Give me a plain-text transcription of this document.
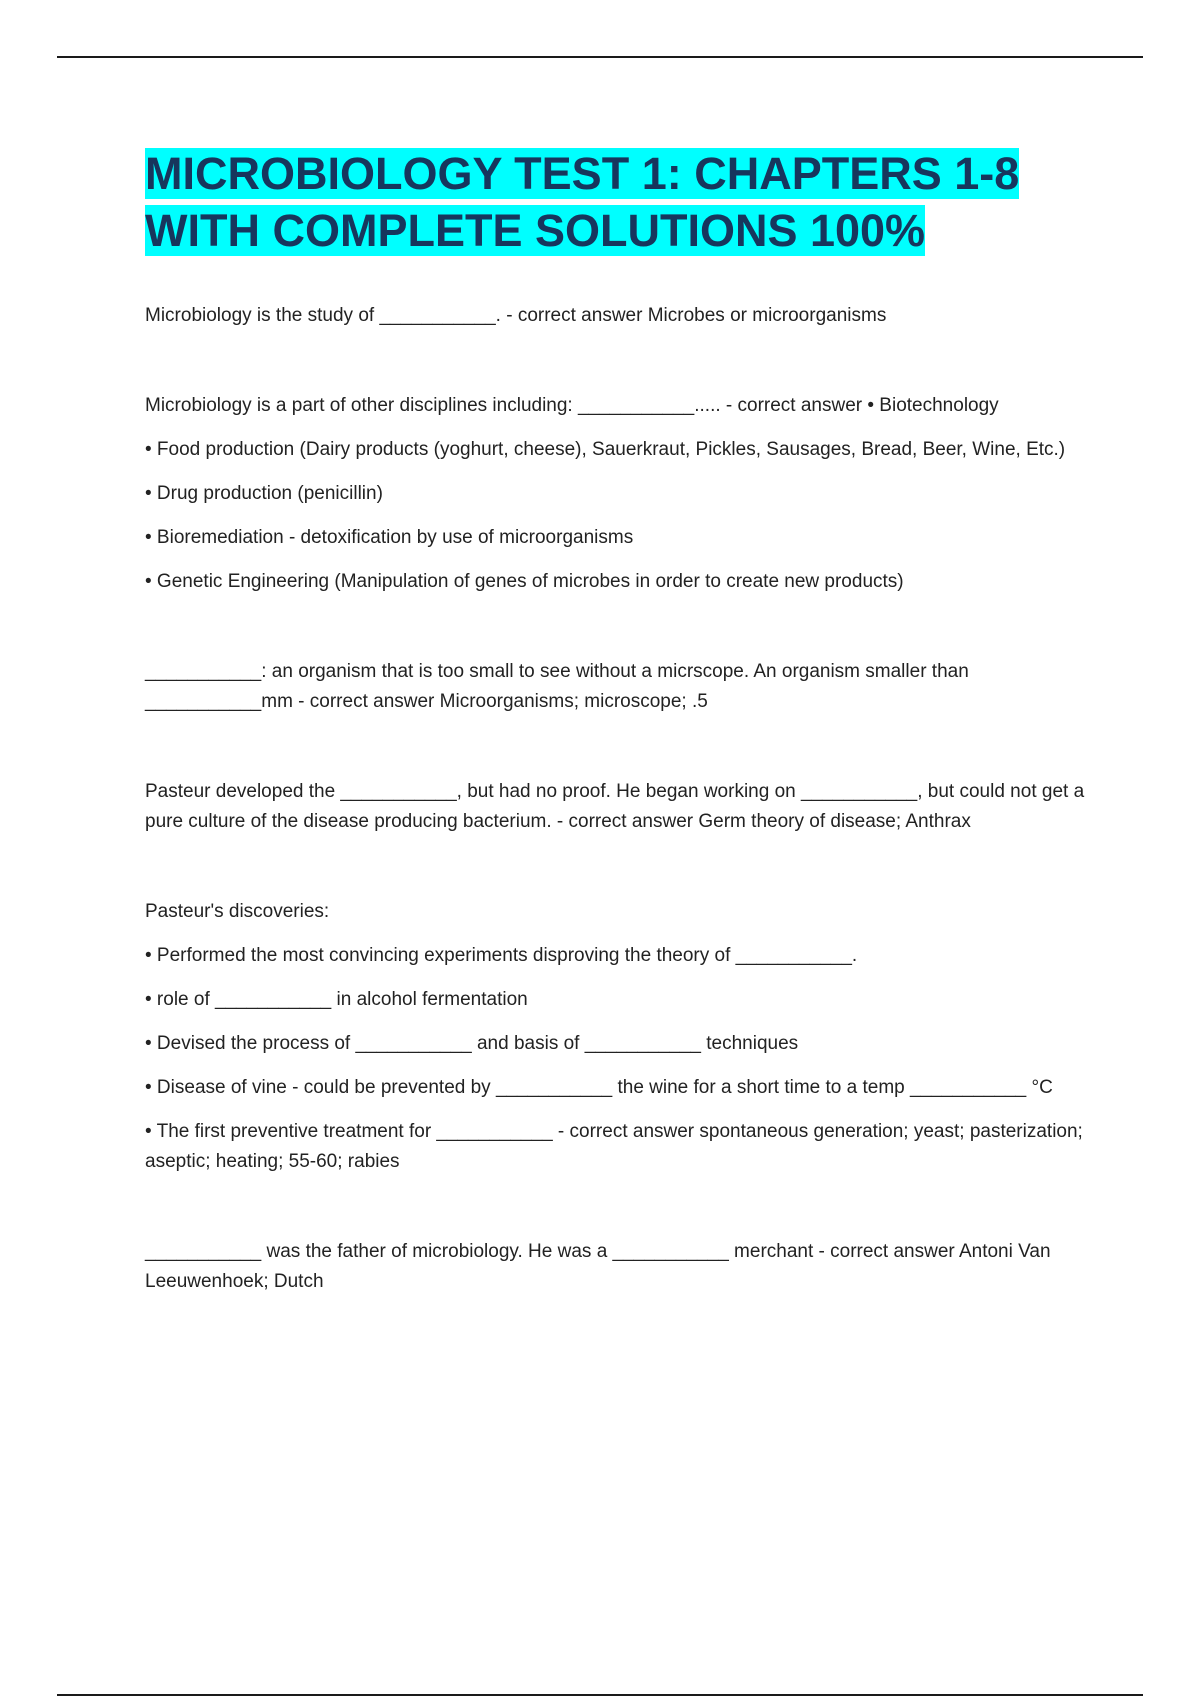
MICROBIOLOGY TEST 1: CHAPTERS 1-8
WITH COMPLETE SOLUTIONS 100%

Microbiology is the study of ___________. - correct answer Microbes or microorganisms

Microbiology is a part of other disciplines including: ___________..... - correct answer • Biotechnology

• Food production (Dairy products (yoghurt, cheese), Sauerkraut, Pickles, Sausages, Bread, Beer, Wine, Etc.)

• Drug production (penicillin)

• Bioremediation - detoxification by use of microorganisms

• Genetic Engineering (Manipulation of genes of microbes in order to create new products)

___________: an organism that is too small to see without a micrscope. An organism smaller than ___________mm - correct answer Microorganisms; microscope; .5

Pasteur developed the ___________, but had no proof. He began working on ___________, but could not get a pure culture of the disease producing bacterium. - correct answer Germ theory of disease; Anthrax

Pasteur's discoveries:

• Performed the most convincing experiments disproving the theory of ___________.

• role of ___________ in alcohol fermentation

• Devised the process of ___________ and basis of ___________ techniques

• Disease of vine - could be prevented by ___________ the wine for a short time to a temp ___________ °C

• The first preventive treatment for ___________ - correct answer spontaneous generation; yeast; pasterization; aseptic; heating; 55-60; rabies

___________ was the father of microbiology. He was a ___________ merchant - correct answer Antoni Van Leeuwenhoek; Dutch
